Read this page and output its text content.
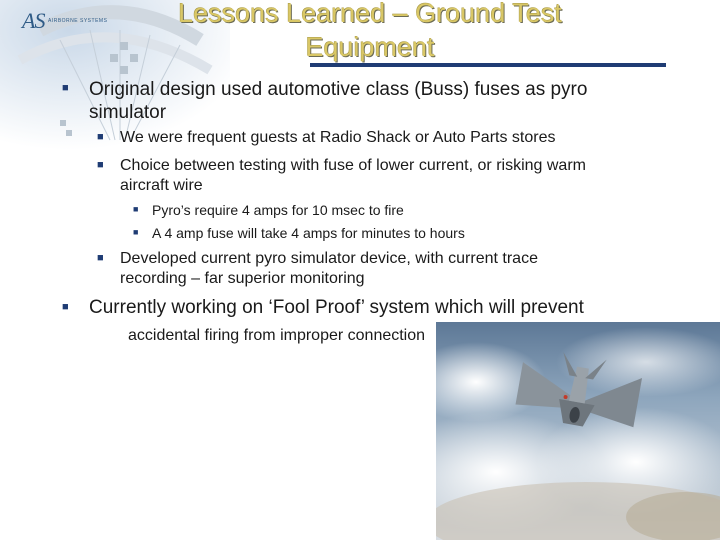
AS AIRBORNE SYSTEMS	Lessons Learned – Ground Test
Equipment
■ Original design used automotive class (Buss) fuses as pyro
simulator
■ We were frequent guests at Radio Shack or Auto Parts stores
■ Choice between testing with fuse of lower current, or risking warm
aircraft wire
■ Pyro’s require 4 amps for 10 msec to fire
■ A 4 amp fuse will take 4 amps for minutes to hours
■ Developed current pyro simulator device, with current trace
recording – far superior monitoring
■ Currently working on ‘Fool Proof’ system which will prevent
accidental firing from improper connection
